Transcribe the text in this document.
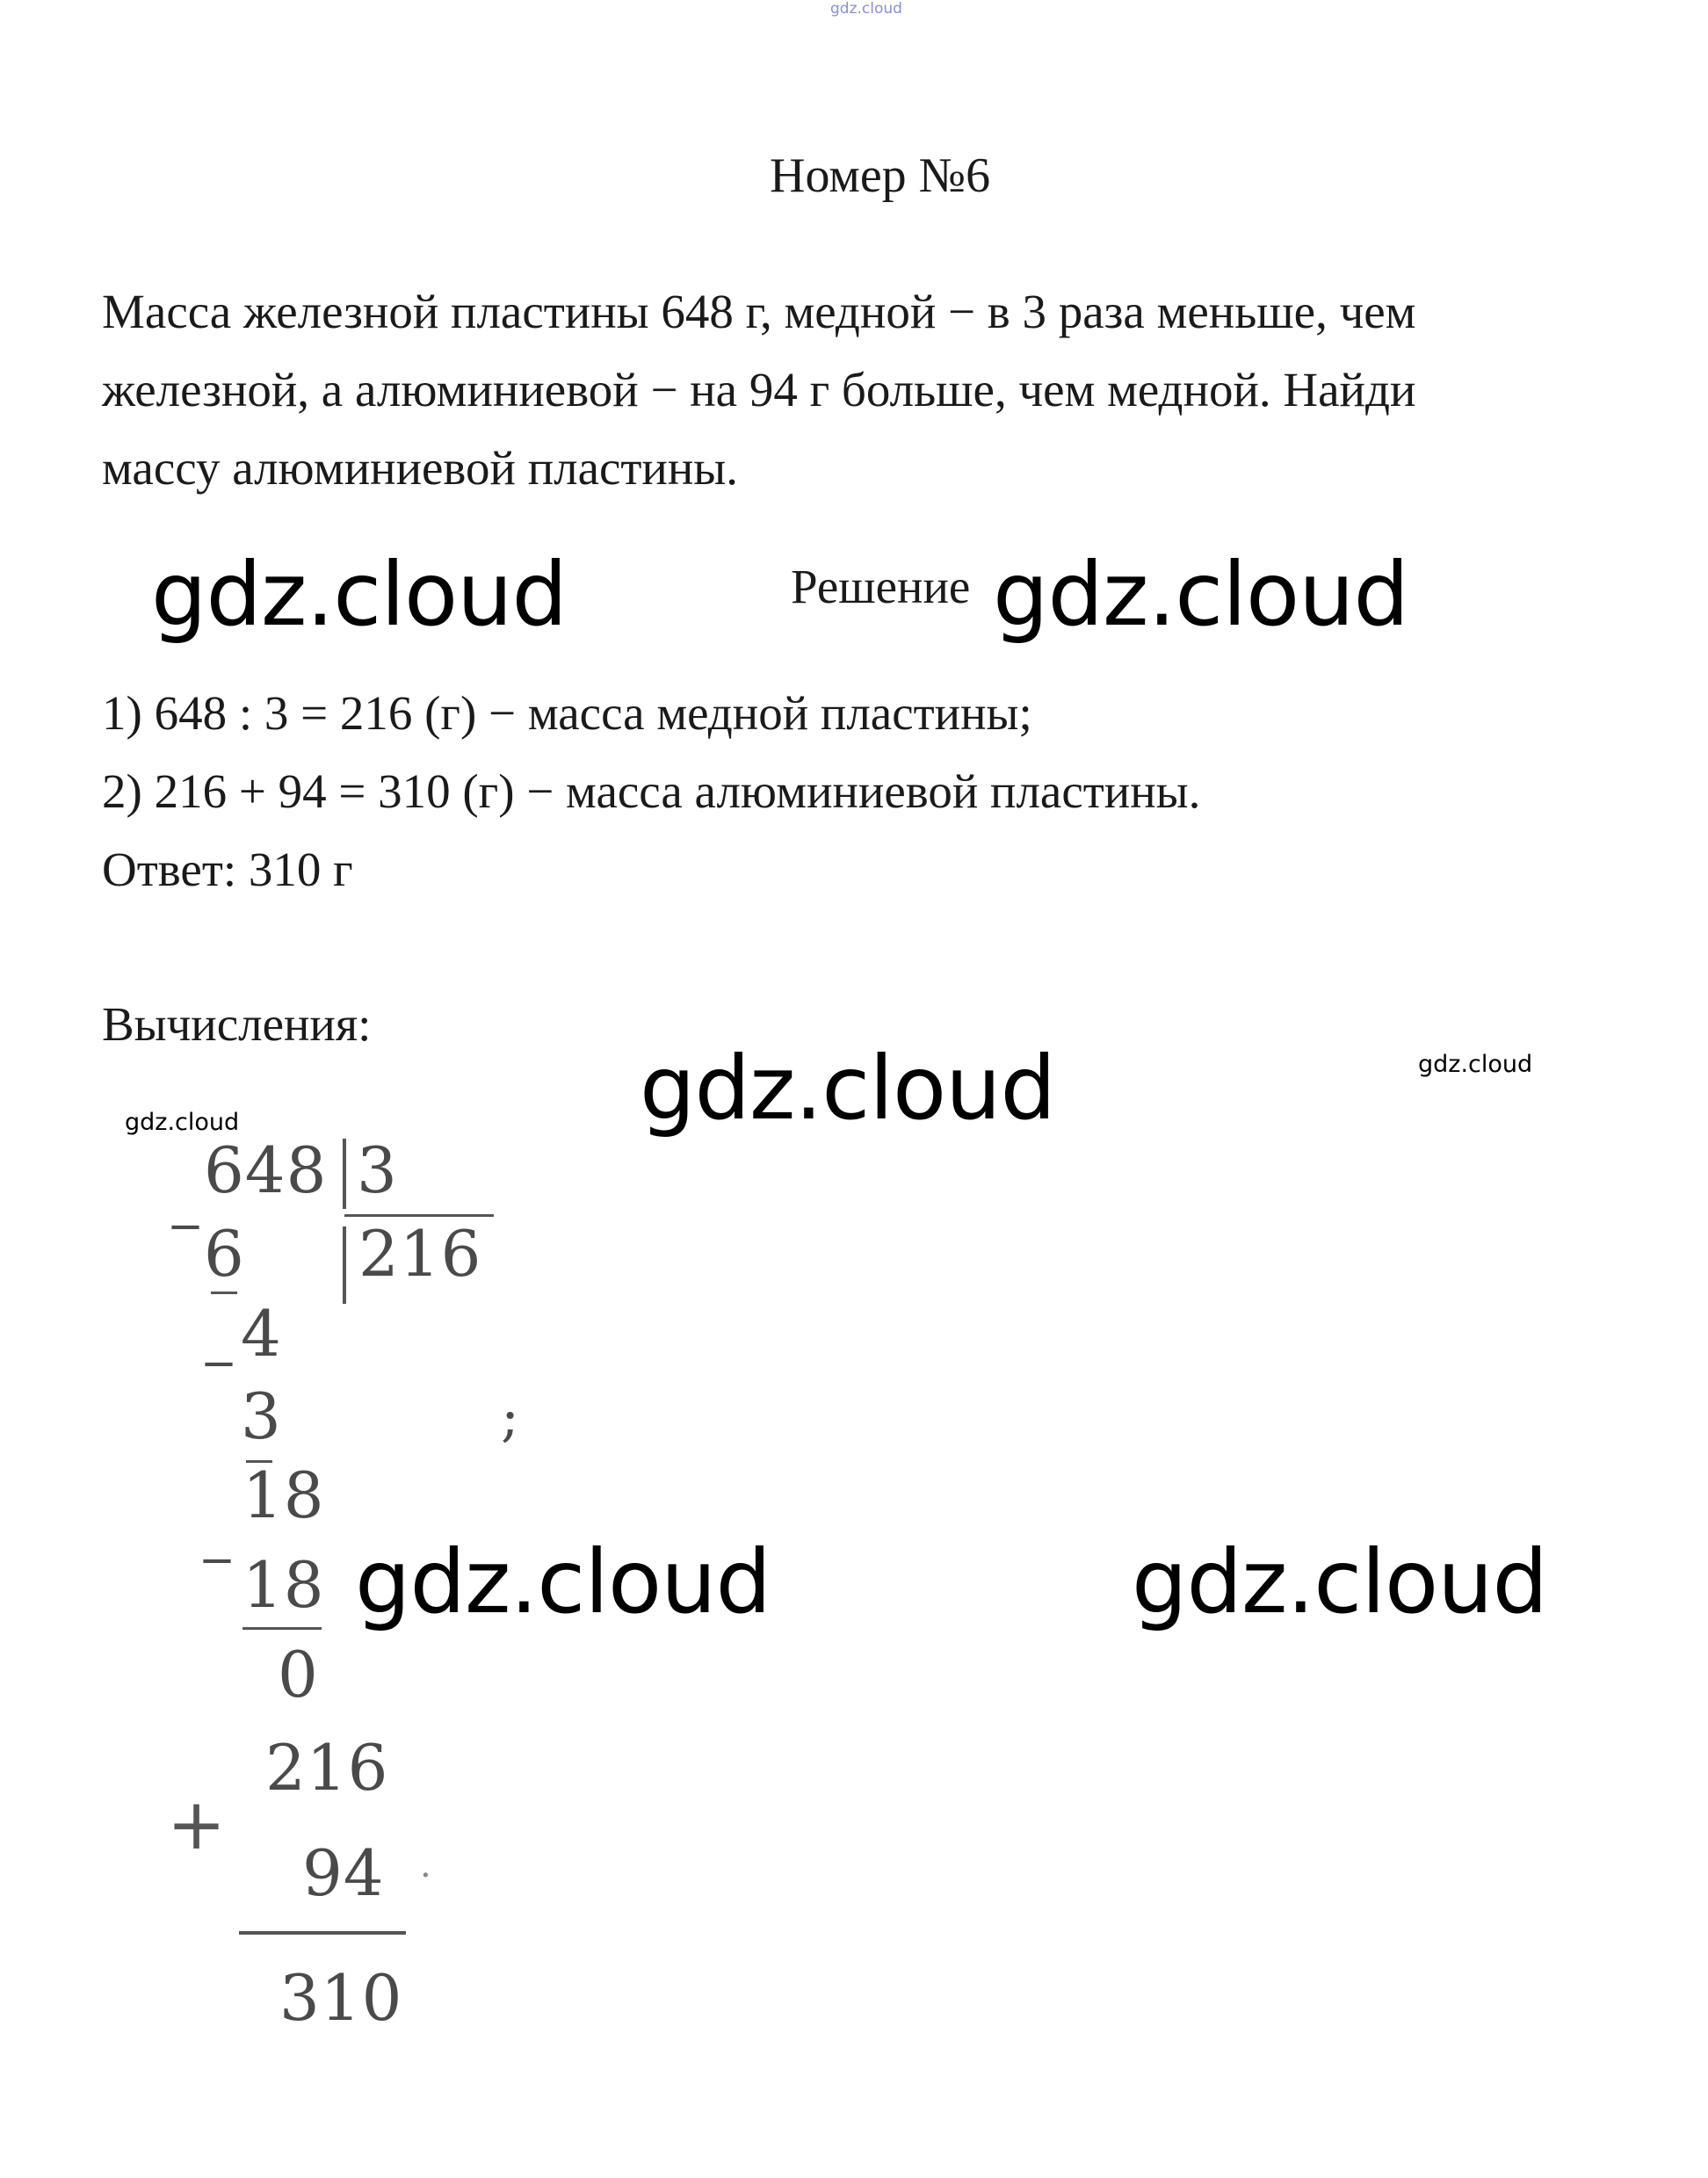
gdz.cloud
Номер №6
Масса железной пластины 648 г, медной − в 3 раза меньше, чем
железной, а алюминиевой − на 94 г больше, чем медной. Найди
массу алюминиевой пластины.
gdz.cloud	Решение gdz.cloud
1) 648 : 3 = 216 (г) − масса медной пластины;
2) 216 + 94 = 310 (г) − масса алюминиевой пластины.
Ответ: 310 г
Вычисления:
gdz.cloud	gdz.cloud
gdz.cloud
_ 648 3
6 216
_ 4
3	;
18
_
18
0
gdz.cloud	gdz.cloud
216
+
94 .
310
